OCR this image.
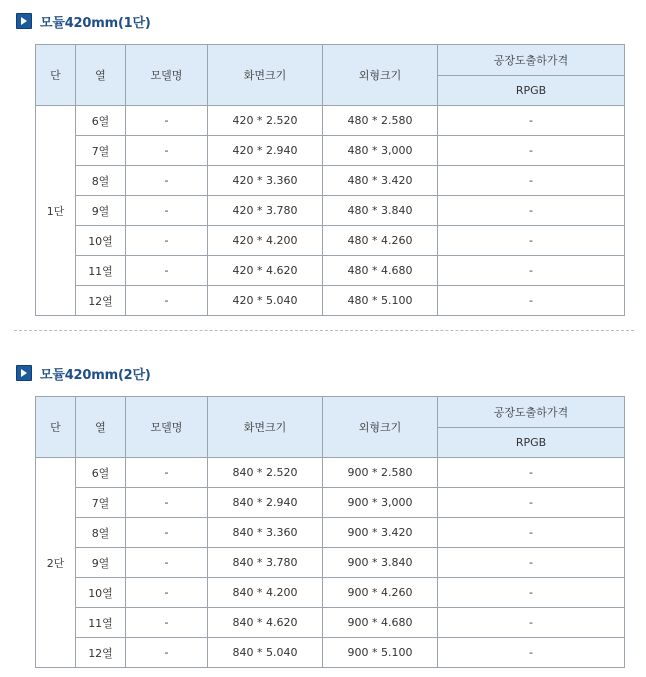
모듈420mm(1단)
단	열	모델명	화면크기	외형크기	공장도출하가격
					RPGB
1단	6열	-	420 * 2.520	480 * 2.580	-
	7열	-	420 * 2.940	480 * 3,000	-
	8열	-	420 * 3.360	480 * 3.420	-
	9열	-	420 * 3.780	480 * 3.840	-
	10열	-	420 * 4.200	480 * 4.260	-
	11열	-	420 * 4.620	480 * 4.680	-
	12열	-	420 * 5.040	480 * 5.100	-
모듈420mm(2단)
단	열	모델명	화면크기	외형크기	공장도출하가격
					RPGB
2단	6열	-	840 * 2.520	900 * 2.580	-
	7열	-	840 * 2.940	900 * 3,000	-
	8열	-	840 * 3.360	900 * 3.420	-
	9열	-	840 * 3.780	900 * 3.840	-
	10열	-	840 * 4.200	900 * 4.260	-
	11열	-	840 * 4.620	900 * 4.680	-
	12열	-	840 * 5.040	900 * 5.100	-
